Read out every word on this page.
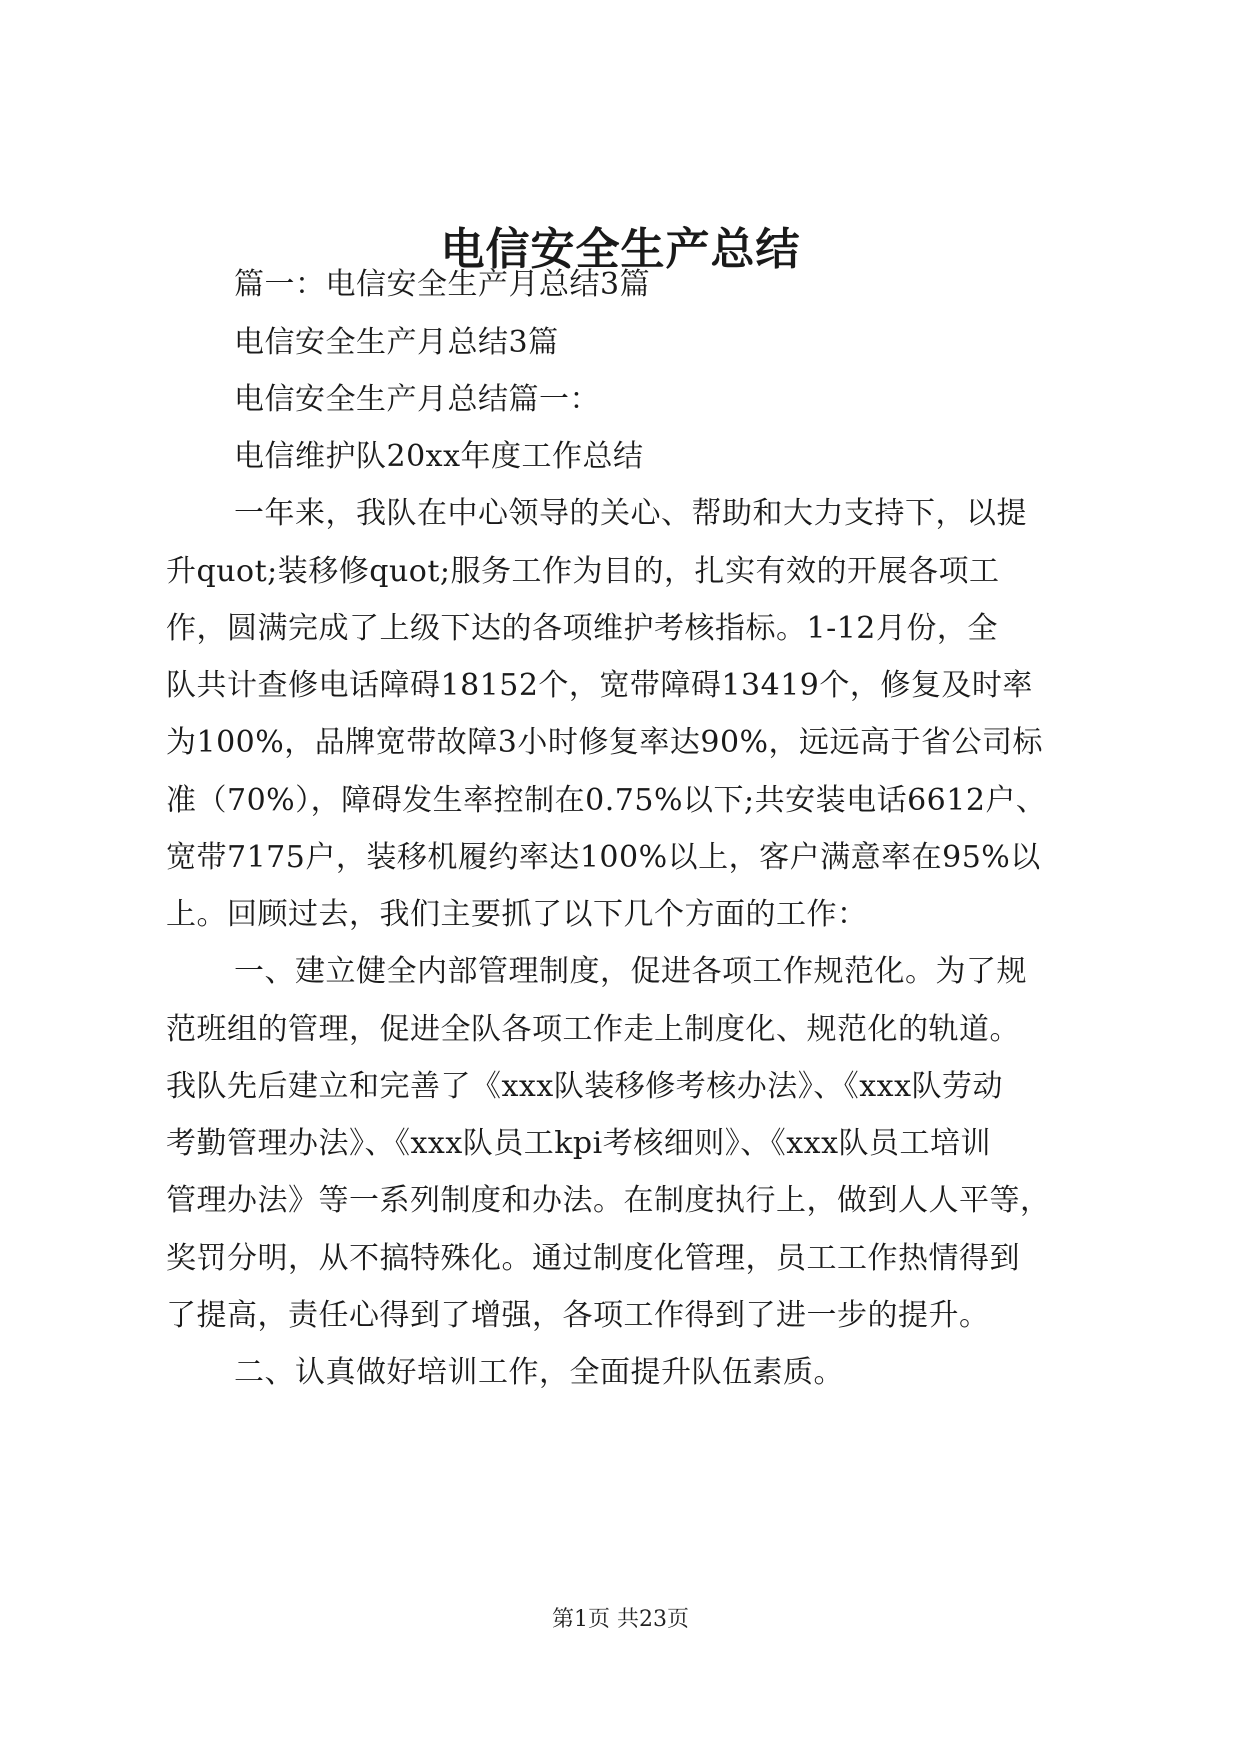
电信安全生产总结
篇一：电信安全生产月总结3篇
电信安全生产月总结3篇
电信安全生产月总结篇一：
电信维护队20xx年度工作总结
一年来，我队在中心领导的关心、帮助和大力支持下，以提
升quot;装移修quot;服务工作为目的，扎实有效的开展各项工
作，圆满完成了上级下达的各项维护考核指标。1-12月份，全
队共计查修电话障碍18152个，宽带障碍13419个，修复及时率
为100%，品牌宽带故障3小时修复率达90%，远远高于省公司标
准（70%），障碍发生率控制在0.75%以下;共安装电话6612户、
宽带7175户，装移机履约率达100%以上，客户满意率在95%以
上。回顾过去，我们主要抓了以下几个方面的工作：
一、建立健全内部管理制度，促进各项工作规范化。为了规
范班组的管理，促进全队各项工作走上制度化、规范化的轨道。
我队先后建立和完善了《xxx队装移修考核办法》、《xxx队劳动
考勤管理办法》、《xxx队员工kpi考核细则》、《xxx队员工培训
管理办法》等一系列制度和办法。在制度执行上，做到人人平等，
奖罚分明，从不搞特殊化。通过制度化管理，员工工作热情得到
了提高，责任心得到了增强，各项工作得到了进一步的提升。
二、认真做好培训工作，全面提升队伍素质。
第1页 共23页
